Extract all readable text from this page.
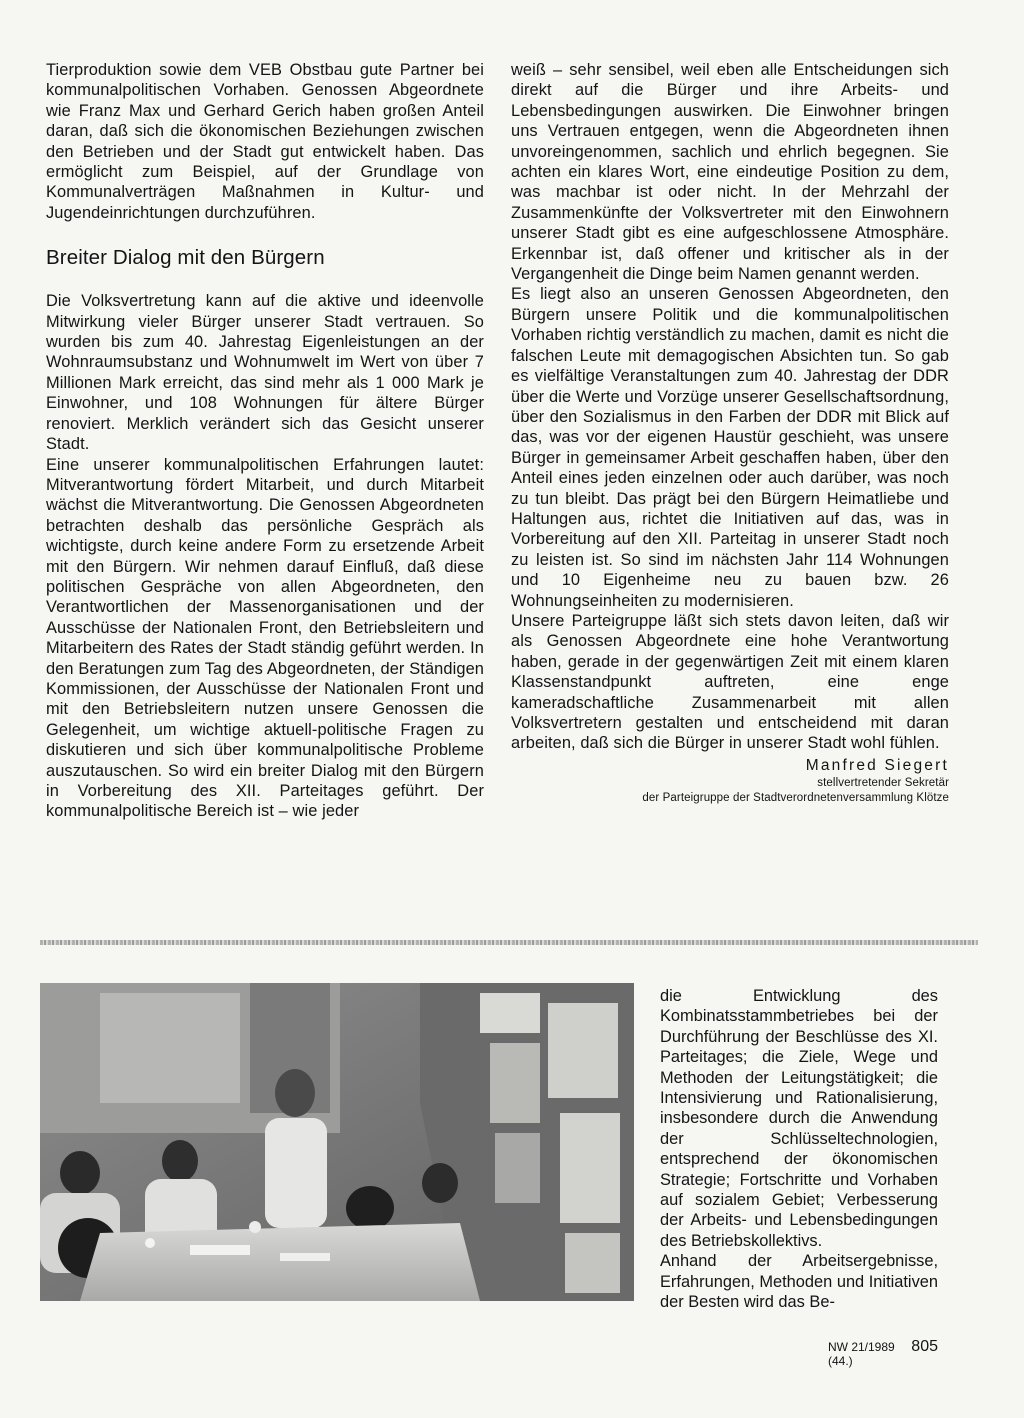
Tierproduktion sowie dem VEB Obstbau gute Partner bei kommunalpolitischen Vorhaben. Genossen Abgeordnete wie Franz Max und Gerhard Gerich haben großen Anteil daran, daß sich die ökonomischen Beziehungen zwischen den Betrieben und der Stadt gut entwickelt haben. Das ermöglicht zum Beispiel, auf der Grundlage von Kommunalverträgen Maßnahmen in Kultur- und Jugendeinrichtungen durchzuführen.

Breiter Dialog mit den Bürgern

Die Volksvertretung kann auf die aktive und ideenvolle Mitwirkung vieler Bürger unserer Stadt vertrauen. So wurden bis zum 40. Jahrestag Eigenleistungen an der Wohnraumsubstanz und Wohnumwelt im Wert von über 7 Millionen Mark erreicht, das sind mehr als 1 000 Mark je Einwohner, und 108 Wohnungen für ältere Bürger renoviert. Merklich verändert sich das Gesicht unserer Stadt.

Eine unserer kommunalpolitischen Erfahrungen lautet: Mitverantwortung fördert Mitarbeit, und durch Mitarbeit wächst die Mitverantwortung. Die Genossen Abgeordneten betrachten deshalb das persönliche Gespräch als wichtigste, durch keine andere Form zu ersetzende Arbeit mit den Bürgern. Wir nehmen darauf Einfluß, daß diese politischen Gespräche von allen Abgeordneten, den Verantwortlichen der Massenorganisationen und der Ausschüsse der Nationalen Front, den Betriebsleitern und Mitarbeitern des Rates der Stadt ständig geführt werden. In den Beratungen zum Tag des Abgeordneten, der Ständigen Kommissionen, der Ausschüsse der Nationalen Front und mit den Betriebsleitern nutzen unsere Genossen die Gelegenheit, um wichtige aktuell-politische Fragen zu diskutieren und sich über kommunalpolitische Probleme auszutauschen. So wird ein breiter Dialog mit den Bürgern in Vorbereitung des XII. Parteitages geführt. Der kommunalpolitische Bereich ist – wie jeder

weiß – sehr sensibel, weil eben alle Entscheidungen sich direkt auf die Bürger und ihre Arbeits- und Lebensbedingungen auswirken. Die Einwohner bringen uns Vertrauen entgegen, wenn die Abgeordneten ihnen unvoreingenommen, sachlich und ehrlich begegnen. Sie achten ein klares Wort, eine eindeutige Position zu dem, was machbar ist oder nicht. In der Mehrzahl der Zusammenkünfte der Volksvertreter mit den Einwohnern unserer Stadt gibt es eine aufgeschlossene Atmosphäre. Erkennbar ist, daß offener und kritischer als in der Vergangenheit die Dinge beim Namen genannt werden.

Es liegt also an unseren Genossen Abgeordneten, den Bürgern unsere Politik und die kommunalpolitischen Vorhaben richtig verständlich zu machen, damit es nicht die falschen Leute mit demagogischen Absichten tun. So gab es vielfältige Veranstaltungen zum 40. Jahrestag der DDR über die Werte und Vorzüge unserer Gesellschaftsordnung, über den Sozialismus in den Farben der DDR mit Blick auf das, was vor der eigenen Haustür geschieht, was unsere Bürger in gemeinsamer Arbeit geschaffen haben, über den Anteil eines jeden einzelnen oder auch darüber, was noch zu tun bleibt. Das prägt bei den Bürgern Heimatliebe und Haltungen aus, richtet die Initiativen auf das, was in Vorbereitung auf den XII. Parteitag in unserer Stadt noch zu leisten ist. So sind im nächsten Jahr 114 Wohnungen und 10 Eigenheime neu zu bauen bzw. 26 Wohnungseinheiten zu modernisieren.

Unsere Parteigruppe läßt sich stets davon leiten, daß wir als Genossen Abgeordnete eine hohe Verantwortung haben, gerade in der gegenwärtigen Zeit mit einem klaren Klassenstandpunkt auftreten, eine enge kameradschaftliche Zusammenarbeit mit allen Volksvertretern gestalten und entscheidend mit daran arbeiten, daß sich die Bürger in unserer Stadt wohl fühlen.

Manfred Siegert
stellvertretender Sekretär
der Parteigruppe der Stadtverordnetenversammlung Klötze

die Entwicklung des Kombinatsstammbetriebes bei der Durchführung der Beschlüsse des XI. Parteitages; die Ziele, Wege und Methoden der Leitungstätigkeit; die Intensivierung und Rationalisierung, insbesondere durch die Anwendung der Schlüsseltechnologien, entsprechend der ökonomischen Strategie; Fortschritte und Vorhaben auf sozialem Gebiet; Verbesserung der Arbeits- und Lebensbedingungen des Betriebskollektivs.

Anhand der Arbeitsergebnisse, Erfahrungen, Methoden und Initiativen der Besten wird das Be-

NW 21/1989 (44.)
805
